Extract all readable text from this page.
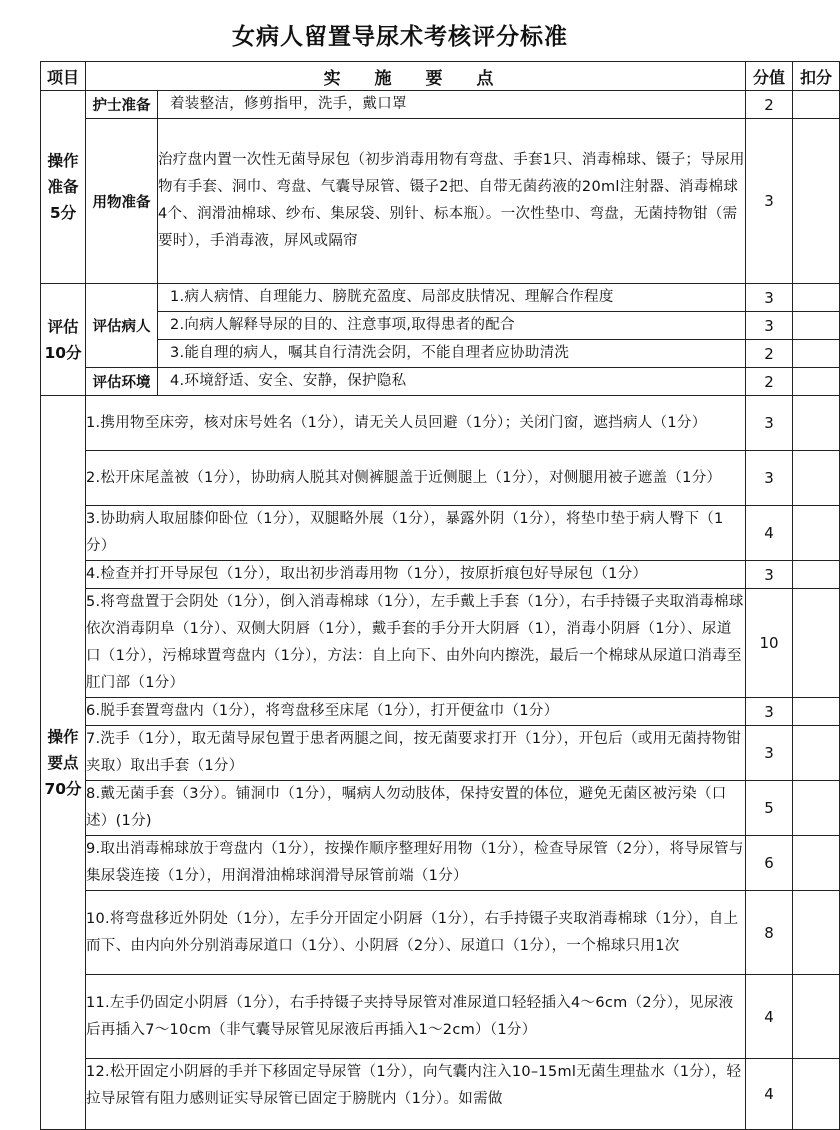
女病人留置导尿术考核评分标准
项目	实 施 要 点		分值	扣分
操作
准备
5分	护士准备	着装整洁，修剪指甲，洗手，戴口罩	2	
	用物准备	治疗盘内置一次性无菌导尿包（初步消毒用物有弯盘、手套1只、消毒棉球、镊子；导尿用物有手套、洞巾、弯盘、气囊导尿管、镊子2把、自带无菌药液的20ml注射器、消毒棉球4个、润滑油棉球、纱布、集尿袋、别针、标本瓶）。一次性垫巾、弯盘，无菌持物钳（需要时），手消毒液，屏风或隔帘	3	
评估
10分	评估病人	1.病人病情、自理能力、膀胱充盈度、局部皮肤情况、理解合作程度	3	
		2.向病人解释导尿的目的、注意事项,取得患者的配合	3	
		3.能自理的病人，嘱其自行清洗会阴，不能自理者应协助清洗	2	
	评估环境	4.环境舒适、安全、安静，保护隐私	2	
操作
要点
70分	1.携用物至床旁，核对床号姓名（1分），请无关人员回避（1分）；关闭门窗，遮挡病人（1分）		3	
	2.松开床尾盖被（1分），协助病人脱其对侧裤腿盖于近侧腿上（1分），对侧腿用被子遮盖（1分）		3	
	3.协助病人取屈膝仰卧位（1分），双腿略外展（1分），暴露外阴（1分），将垫巾垫于病人臀下（1分）		4	
	4.检查并打开导尿包（1分），取出初步消毒用物（1分），按原折痕包好导尿包（1分）		3	
	5.将弯盘置于会阴处（1分），倒入消毒棉球（1分），左手戴上手套（1分），右手持镊子夹取消毒棉球依次消毒阴阜（1分）、双侧大阴唇（1分），戴手套的手分开大阴唇（1），消毒小阴唇（1分）、尿道口（1分），污棉球置弯盘内（1分），方法：自上向下、由外向内擦洗，最后一个棉球从尿道口消毒至肛门部（1分）		10	
	6.脱手套置弯盘内（1分），将弯盘移至床尾（1分），打开便盆巾（1分）		3	
	7.洗手（1分），取无菌导尿包置于患者两腿之间，按无菌要求打开（1分），开包后（或用无菌持物钳夹取）取出手套（1分）		3	
	8.戴无菌手套（3分）。铺洞巾（1分），嘱病人勿动肢体，保持安置的体位，避免无菌区被污染（口述）(1分)		5	
	9.取出消毒棉球放于弯盘内（1分），按操作顺序整理好用物（1分），检查导尿管（2分），将导尿管与集尿袋连接（1分），用润滑油棉球润滑导尿管前端（1分）		6	
	10.将弯盘移近外阴处（1分），左手分开固定小阴唇（1分），右手持镊子夹取消毒棉球（1分），自上而下、由内向外分别消毒尿道口（1分）、小阴唇（2分）、尿道口（1分），一个棉球只用1次		8	
	11.左手仍固定小阴唇（1分），右手持镊子夹持导尿管对准尿道口轻轻插入4～6cm（2分），见尿液后再插入7～10cm（非气囊导尿管见尿液后再插入1～2cm）（1分）		4	
	12.松开固定小阴唇的手并下移固定导尿管（1分），向气囊内注入10–15ml无菌生理盐水（1分），轻拉导尿管有阻力感则证实导尿管已固定于膀胱内（1分）。如需做		4	
